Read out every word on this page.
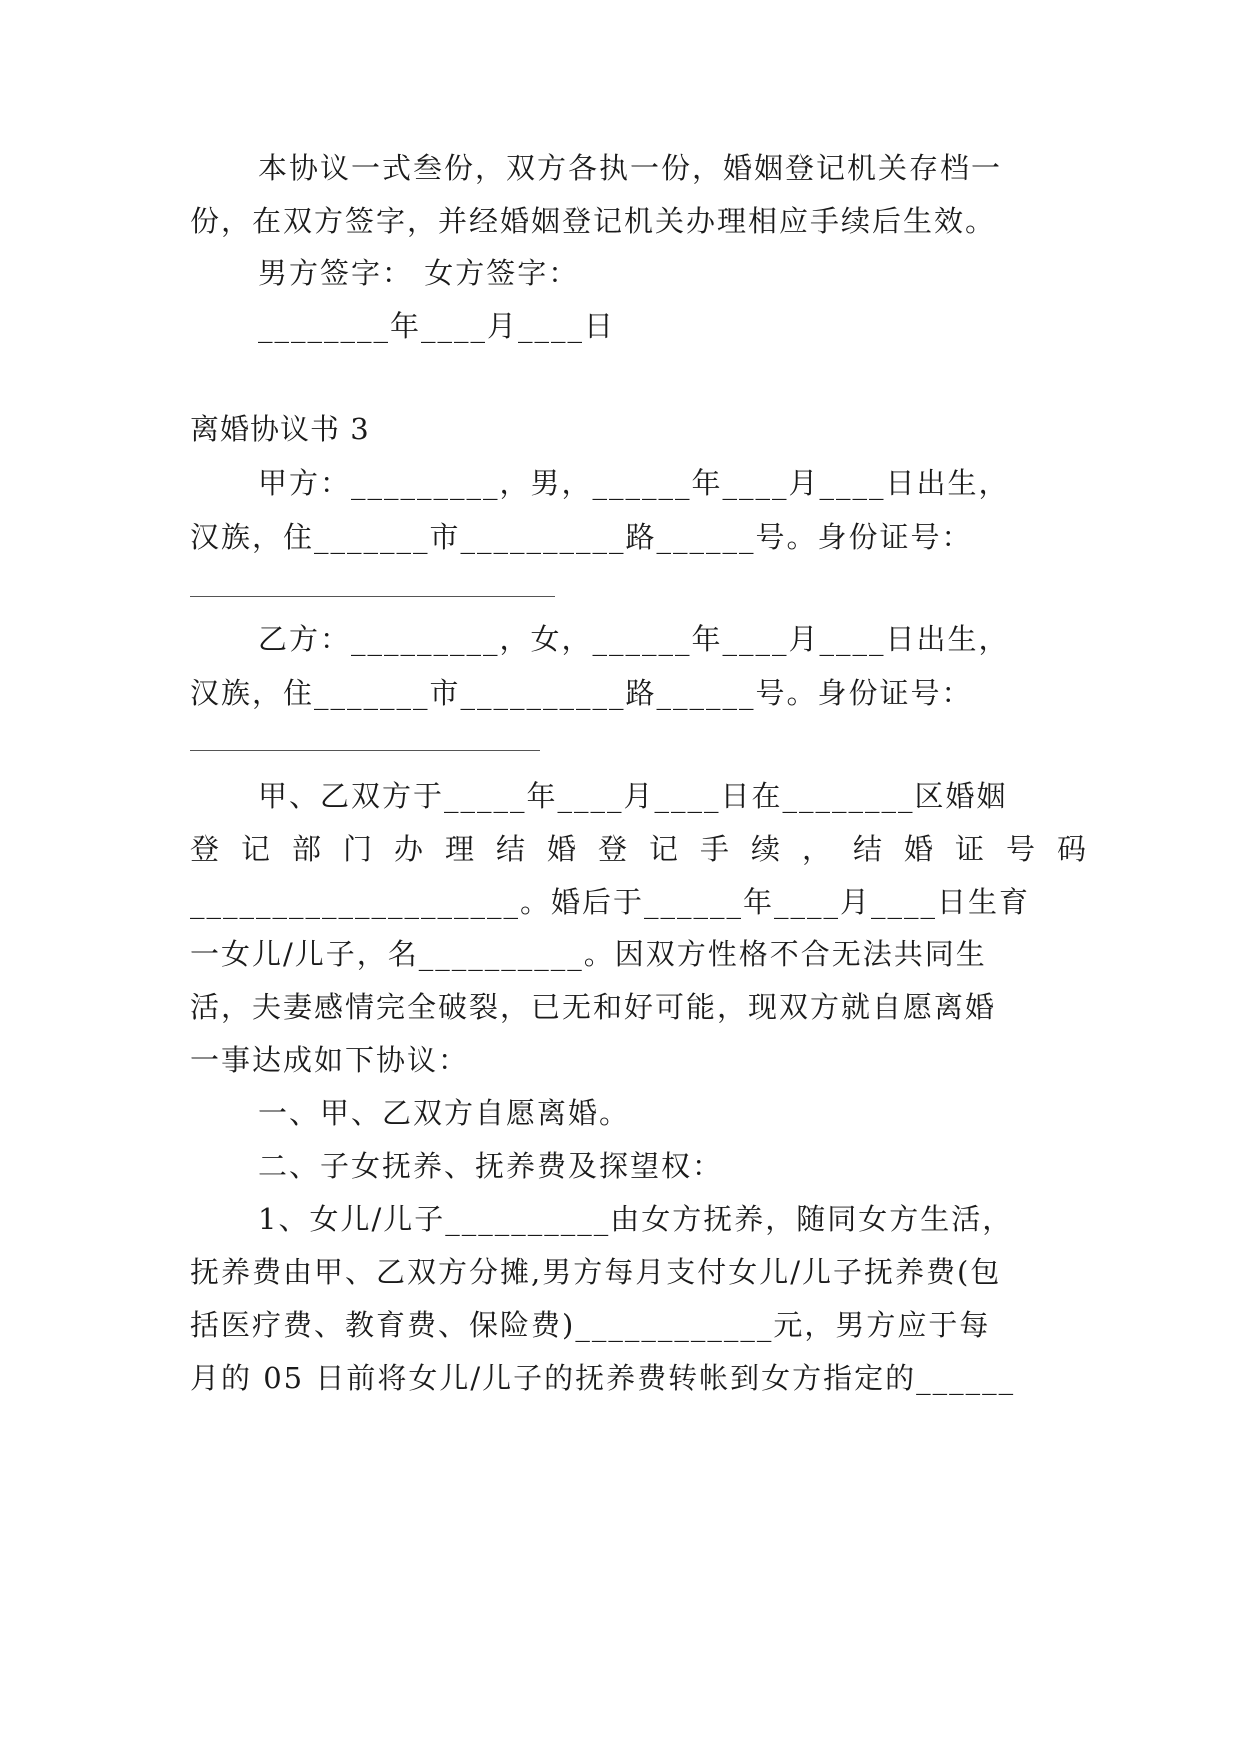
本协议一式叁份，双方各执一份，婚姻登记机关存档一

份，在双方签字，并经婚姻登记机关办理相应手续后生效。

男方签字： 女方签字：

________年____月____日

离婚协议书 3

甲方：_________，男，______年____月____日出生，

汉族，住_______市__________路______号。身份证号：

乙方：_________，女，______年____月____日出生，

汉族，住_______市__________路______号。身份证号：

甲、乙双方于_____年____月____日在________区婚姻

登记部门办理结婚登记手续，结婚证号码

____________________。婚后于______年____月____日生育

一女儿/儿子，名__________。因双方性格不合无法共同生

活，夫妻感情完全破裂，已无和好可能，现双方就自愿离婚

一事达成如下协议：

一、甲、乙双方自愿离婚。

二、子女抚养、抚养费及探望权：

1、女儿/儿子__________由女方抚养，随同女方生活，

抚养费由甲、乙双方分摊,男方每月支付女儿/儿子抚养费(包

括医疗费、教育费、保险费)____________元，男方应于每

月的 05 日前将女儿/儿子的抚养费转帐到女方指定的______
